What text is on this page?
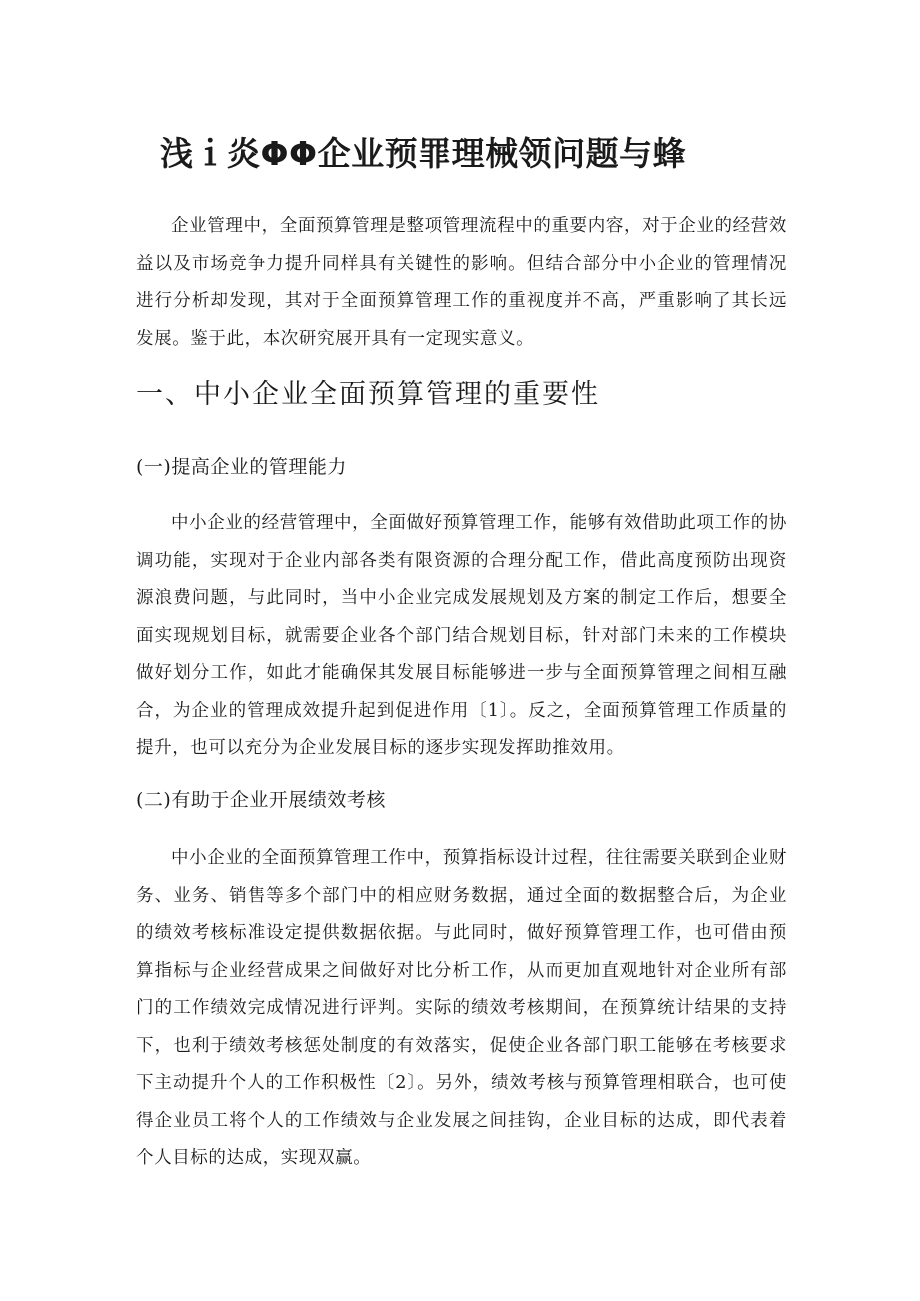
浅ｉ炎ΦΦ企业预罪理械领问题与蜂

企业管理中，全面预算管理是整项管理流程中的重要内容，对于企业的经营效益以及市场竞争力提升同样具有关键性的影响。但结合部分中小企业的管理情况进行分析却发现，其对于全面预算管理工作的重视度并不高，严重影响了其长远发展。鉴于此，本次研究展开具有一定现实意义。

一、中小企业全面预算管理的重要性
(一)提高企业的管理能力

中小企业的经营管理中，全面做好预算管理工作，能够有效借助此项工作的协调功能，实现对于企业内部各类有限资源的合理分配工作，借此高度预防出现资源浪费问题，与此同时，当中小企业完成发展规划及方案的制定工作后，想要全面实现规划目标，就需要企业各个部门结合规划目标，针对部门未来的工作模块做好划分工作，如此才能确保其发展目标能够进一步与全面预算管理之间相互融合，为企业的管理成效提升起到促进作用〔1〕。反之，全面预算管理工作质量的提升，也可以充分为企业发展目标的逐步实现发挥助推效用。

(二)有助于企业开展绩效考核

中小企业的全面预算管理工作中，预算指标设计过程，往往需要关联到企业财务、业务、销售等多个部门中的相应财务数据，通过全面的数据整合后，为企业的绩效考核标准设定提供数据依据。与此同时，做好预算管理工作，也可借由预算指标与企业经营成果之间做好对比分析工作，从而更加直观地针对企业所有部门的工作绩效完成情况进行评判。实际的绩效考核期间，在预算统计结果的支持下，也利于绩效考核惩处制度的有效落实，促使企业各部门职工能够在考核要求下主动提升个人的工作积极性〔2〕。另外，绩效考核与预算管理相联合，也可使得企业员工将个人的工作绩效与企业发展之间挂钩，企业目标的达成，即代表着个人目标的达成，实现双赢。
